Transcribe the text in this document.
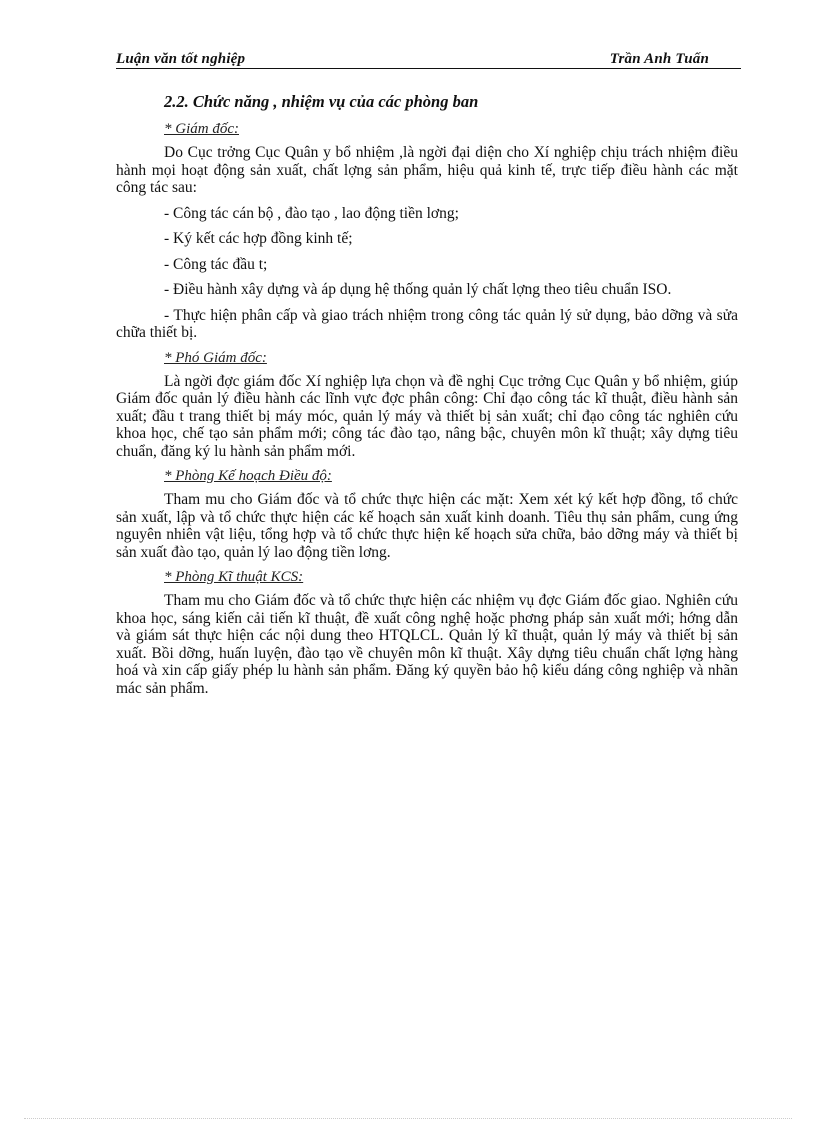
Luận văn tốt nghiệp	Trần Anh Tuấn
2.2. Chức năng , nhiệm vụ của các phòng ban
* Giám đốc:

Do Cục trởng Cục Quân y bổ nhiệm ,là ngời đại diện cho Xí nghiệp chịu trách nhiệm điều hành mọi hoạt động sản xuất, chất lợng sản phẩm, hiệu quả kinh tế, trực tiếp điều hành các mặt công tác sau:

- Công tác cán bộ , đào tạo , lao động tiền lơng;

- Ký kết các hợp đồng kinh tế;

- Công tác đầu t;

- Điều hành xây dựng và áp dụng hệ thống quản lý chất lợng theo tiêu chuẩn ISO.

- Thực hiện phân cấp và giao trách nhiệm trong công tác quản lý sử dụng, bảo dỡng và sửa chữa thiết bị.

* Phó Giám đốc:

Là ngời đợc giám đốc Xí nghiệp lựa chọn và đề nghị Cục trởng Cục Quân y bổ nhiệm, giúp Giám đốc quản lý điều hành các lĩnh vực đợc phân công: Chỉ đạo công tác kĩ thuật, điều hành sản xuất; đầu t trang thiết bị máy móc, quản lý máy và thiết bị sản xuất; chỉ đạo công tác nghiên cứu khoa học, chế tạo sản phẩm mới; công tác đào tạo, nâng bậc, chuyên môn kĩ thuật; xây dựng tiêu chuẩn, đăng ký lu hành sản phẩm mới.

* Phòng Kế hoạch Điều độ:

Tham mu cho Giám đốc và tổ chức thực hiện các mặt: Xem xét ký kết hợp đồng, tổ chức sản xuất, lập và tổ chức thực hiện các kế hoạch sản xuất kinh doanh. Tiêu thụ sản phẩm, cung ứng nguyên nhiên vật liệu, tổng hợp và tổ chức thực hiện kế hoạch sửa chữa, bảo dỡng máy và thiết bị sản xuất đào tạo, quản lý lao động tiền lơng.

* Phòng Kĩ thuật KCS:

Tham mu cho Giám đốc và tổ chức thực hiện các nhiệm vụ đợc Giám đốc giao. Nghiên cứu khoa học, sáng kiến cải tiến kĩ thuật, đề xuất công nghệ hoặc phơng pháp sản xuất mới; hớng dẫn và giám sát thực hiện các nội dung theo HTQLCL. Quản lý kĩ thuật, quản lý máy và thiết bị sản xuất. Bồi dỡng, huấn luyện, đào tạo về chuyên môn kĩ thuật. Xây dựng tiêu chuẩn chất lợng hàng hoá và xin cấp giấy phép lu hành sản phẩm. Đăng ký quyền bảo hộ kiểu dáng công nghiệp và nhãn mác sản phẩm.
